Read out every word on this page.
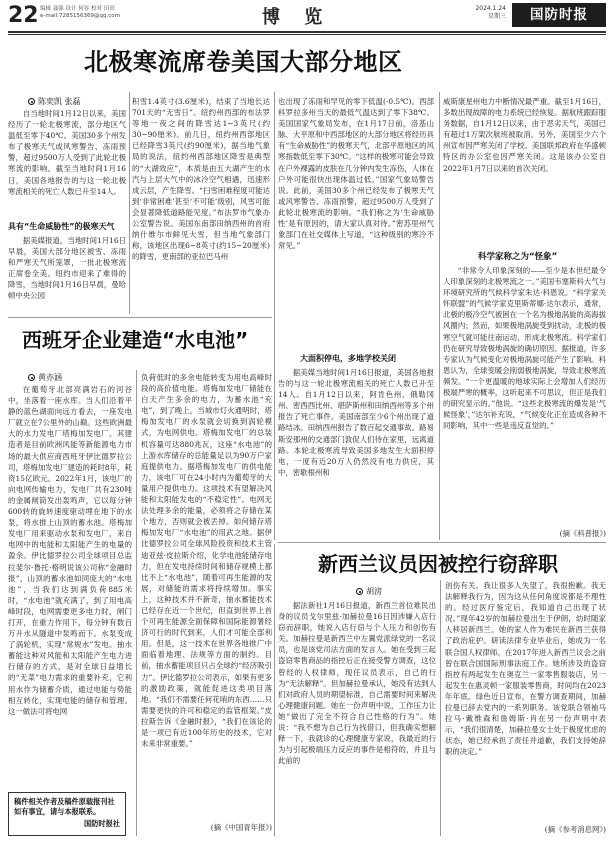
22 编辑 聂强 设计 何容 校对 田田
e-mail:7285156369@qq.com	博 览	2024.1.24
星期三	国防时报
北极寒流席卷美国大部分地区
陈奕凯 张磊
自当地时间1月12日以来，美国经历了一轮北极寒流，部分地区气温低至零下40℃。美国30多个州发布了极寒天气或风寒警告、冻雨预警，超过9500万人受到了此轮北极寒流的影响。截至当地时间1月16日，美国各地报告的与这一轮北极寒流相关的死亡人数已升至14人。
具有“生命威胁性”的极寒天气
据美媒报道，当地时间1月16日早晨，美国大部分地区被雪、冻雨和严寒天气所笼罩，一批北极寒流正席卷全美。纽约市迎来了难得的降雪，当地时间1月16日早晨，曼哈顿中央公园
积雪1.4英寸(3.6厘米)，结束了当地长达701天的“无雪日”。纽约州西部的布法罗等地一夜之间的降雪达1~3英尺(约30~90厘米)。前几日，纽约州西部地区已经降雪3英尺(约90厘米)，据当地气象局的说法，纽约州西部地区降雪是典型的“大湖效应”，本质是由五大湖产生的水汽与上层大气中的冰冷空气相遇，迅速形成云层，产生降雪。“扫雪困难程度可能达到‘非常困难’甚至‘不可能’级别，风雪可能会显著降低道路能见度。”布法罗市气象办公室警告说。美国东南部田纳西州的首府纳什维尔市鲜见大雪，但当地气象部门称，该地区出现6~8英寸(约15~20厘米)的降雪，更南部的亚拉巴马州
也出现了冻雨和罕见的零下低温(-0.5℃)。西部科罗拉多州当天的最低气温达到了零下38℃。美国国家气象局发布，在1月17日前，洛基山脉、大平原和中西部地区的大部分地区将经历具有“生命威胁性”的极寒天气，北部平原地区的风寒指数低至零下30℃。“这样的极寒可能会导致在户外裸露的皮肤在几分钟内发生冻伤，人体在户外可能很快出现体温过低。”国家气象局警告说。此前，美国30多个州已经发布了极寒天气或风寒警告、冻雨预警，超过9500万人受到了此轮北极寒流的影响。“我们称之为‘生命威胁性’是有原因的，请大家认真对待。”密苏里州气象部门在社交媒体上写道，“这种级别的寒冷不常见。”
大面积停电，多地学校关闭
据美媒当地时间1月16日报道，美国各地报告的与这一轮北极寒流相关的死亡人数已升至14人。自1月12日以来，阿肯色州、俄勒冈州、密西西比州、堪萨斯州和田纳西州等多个州报告了死亡事件。美国南部至少6个州出现了道路结冰。田纳西州报告了数百起交通事故。路易斯安那州的交通部门敦促人们待在家里，远离道路。本轮北极寒流导致美国多地发生大面积停电，一度有近20万人仍然没有电力供应，其中，密歇根州和
威斯康星州电力中断情况最严重。截至1月16日，多数出现故障的电力系统已经恢复。据航班跟踪服务数据，自1月12日以来，由于恶劣天气，美国已有超过1万架次航班被取消。另外，美国至少六个州宣布因严寒关闭了学校。美国联邦政府在华盛顿特区的办公室也因严寒关闭。这是该办公室自2022年1月7日以来的首次关闭。
科学家称之为“怪象”
“非常令人印象深刻的——至少是本世纪最令人印象深刻的北极寒流之一。”美国韦塞斯科大气与环境研究所的气候科学家朱达·科恩说。“科学家关怀联盟”的气候学家克里斯蒂娜·达尔表示，通常，北极的极冷空气被困在一个名为极地涡旋的高海拔风圈内；然而，如果极地涡旋受到扰动，北极的极寒空气就可能往南运动，形成北极寒流。科学家们仍在研究导致极地涡旋的确切原因。据报道，许多专家认为气候变化对极地涡旋可能产生了影响。科恩认为，全球变暖会削弱极地涡旋，导致北极寒流频发。“一个更温暖的地球实际上会增加人们经历极端严寒的概率，这听起来不可思议，但正是我们的研究显示的。”他说。“这些北极寒流的爆发是‘气候怪象’，”达尔补充说，“气候变化正在造成各种不同影响，其中一些是违反直觉的。”
(摘《科普报》)
西班牙企业建造“水电池”
黄亦涵
在葡萄牙北部亮满岩石的河谷中，坐落着一座水库。当人们沿着平静的蓝色湖面向远方看去，一座发电厂就立在7公里外的山巅。这些欧洲最大的水力发电厂塔梅加发电厂。其建造者是目前欧洲风能等新能源电力市场的最大供应商西班牙伊比德罗拉公司，塔梅加发电厂建造的耗时8年，耗资15亿欧元。2022年1月，该电厂的向电网传输电力，发电厂共有230吨的金属闸筒发出轰鸣声，它以每分钟600转的旋转速度驱动埋在地下的水泵，将水推上山顶的蓄水池。塔梅加发电厂用来驱动水泵和发电厂，来自电网中的电能和太阳能产生的电量的盈余。伊比德罗拉公司全球项目总监拉斐尔·鲁托·格明说该公司称“金融时报”，山顶的蓄水池如同庞大的“水电池”，当我们达到满负荷885米时，“水电池”就充满了，到了用电高峰时段，电网需要更多电力时，闸门打开，在重力作用下，每分钟有数百万升水从隧道中泵鸣而下。水泵变成了涡轮机，实现“常规水”发电。抽水蓄能这种对风能和太阳能产生电力进行储存的方式，是对全球日益增长的“无菜”电力需求的重要补充，它利用水作为储蓄介质，通过电能与势能相互转化，实现电能的储存和管理。这一做法可将电网
负荷低时的多余电能转变为用电高峰时段的高价值电能。塔梅加发电厂储能在白天产生多余的电力，为蓄水池“充电”，到了晚上，当城市灯火通明时，塔梅加发电厂的水泵就会切换到涡轮模式，为电网供电。塔梅加发电厂的总装机容量可达880兆瓦，这座“水电池”的上游水库储存的总能量足以为90万户家庭提供电力。据塔梅加发电厂的供电能力，该电厂可在24小时内为葡萄牙的大量用户提供电力。这项技术有望解决风能和太阳能发电的“不稳定性”。电网无法处理多余的能量，必须将之存储在某个地方，否则就会被丢掉。如何储存塔梅加发电厂“水电池”的用武之地。据伊比德罗拉公司全球风险投资和技术主管迪亚兹·皮拉斯介绍，化学电池能储存电力，但在发电持续时间和储存规模上都比不上“水电池”，随着可再生能源的发展，对储能的需求将持续增加。事实上，这种技术并不新奇，抽水蓄能技术已经存在近一个世纪，但直到世界上首个可再生能源全面保障和国际能源署经济可行的时代到来，人们才可能全部利用。但是，这一技术在世界各地推广中面临着地理、法规等方面的制约。目前，抽水蓄能项目只占全球约“经济吸引力”。伊比德罗拉公司表示，如果有更多的激励政策，就能促进这类项目落地。“我们不需要任何花哨的东西……只需要更快的许可和稳定的监管框架。”皮拉斯告诉《金融时报》，“我们在该论的是一项已有近100年历史的技术，它对未来非常重要。”
(摘《中国青年报》)
稿件相关作者及稿件原载报刊社如有事宜，请与本报联系。
国防时报社
新西兰议员因被控行窃辞职
胡滂
据法新社1月16日报道，新西兰首位难民出身的议员戈尔里兹·加赫拉曼16日因涉嫌入店行窃而辞职，她说入店行窃与个人压力和创伤有关。加赫拉曼是新西兰中左翼党派绿党的一名议员，也是该党司法方面的发言人。她在受到三起盗窃零售商品的指控后正在接受警方调查，这位曾经的人权律师，现任议员表示，自己的行为“无法解释”。但加赫拉曼承认，她没有达到人们对政府人员的期望标准，自己需要时间来解决心理健康问题。她在一份声明中说，工作压力让她“做出了完全不符合自己性格的行为”。她说：“我不想为自己行为找借口，但我确实想解释一下，我就诊的心理健康专家说，我最近的行为与引起极端压力反应的事件是相符的，并且与此前的
创伤有关。我让很多人失望了，我很抱歉。我无法解释我行为，因为这从任何角度说都是不理性的。经过医疗鉴定后，我知道自己出现了状况。”现年42岁的加赫拉曼出生于伊朗，幼时随家人移居新西兰。她的家人作为难民在新西兰获得了政治庇护。研读法律专业毕业后，她成为一名联合国人权律师。在2017年进入新西兰议会之前曾在联合国国际刑事法庭工作。她所涉及的盗窃指控有两起发生在奥克兰一家零售服装店，另一起发生在惠灵顿一家服装零售商，时间均在2023年年底。绿色近日宣布，在警方调查期间，加赫拉曼已辞去党内的一系列职务。该党联合领袖马拉马·戴维森和詹姆斯·肖在另一份声明中表示，“我们很清楚，加赫拉曼女士处于极度忧虑的状态，她已经承担了责任并道歉，我们支持她辞职的决定。”
(摘《参考消息网》)
